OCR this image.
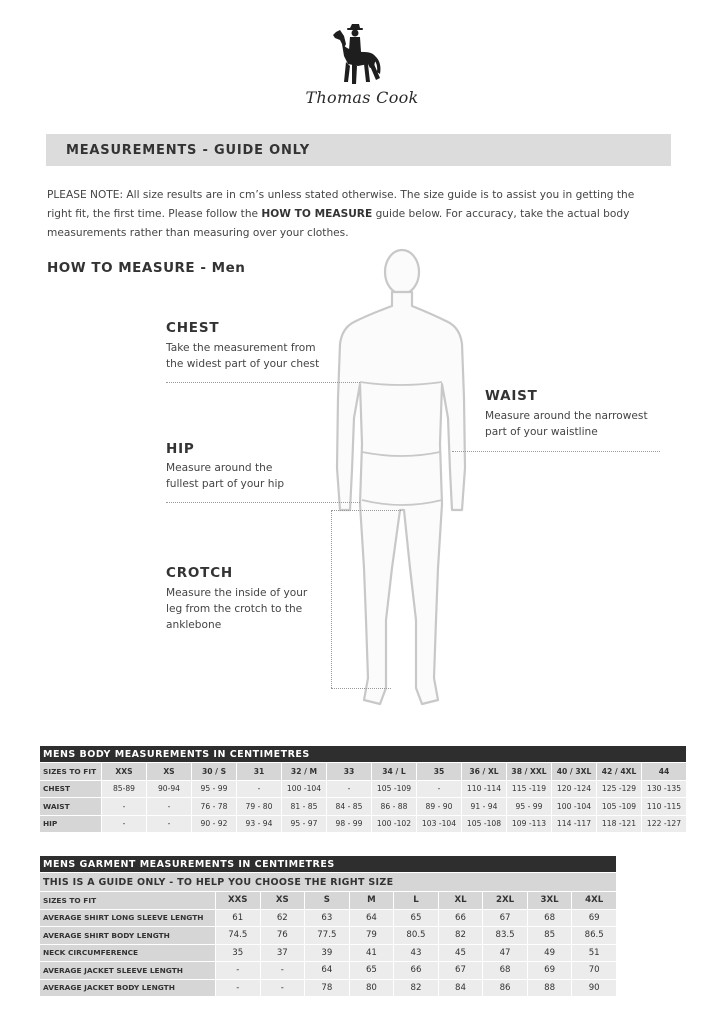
Thomas Cook
MEASUREMENTS - GUIDE ONLY
PLEASE NOTE: All size results are in cm’s unless stated otherwise. The size guide is to assist you in getting the right fit, the first time. Please follow the HOW TO MEASURE guide below. For accuracy, take the actual body measurements rather than measuring over your clothes.
HOW TO MEASURE - Men
CHEST
Take the measurement from
the widest part of your chest
WAIST
Measure around the narrowest
part of your waistline
HIP
Measure around the
fullest part of your hip
CROTCH
Measure the inside of your
leg from the crotch to the
anklebone
MENS BODY MEASUREMENTS IN CENTIMETRES													
SIZES TO FIT	XXS	XS	30 / S	31	32 / M	33	34 / L	35	36 / XL	38 / XXL	40 / 3XL	42 / 4XL	44
CHEST	85-89	90-94	95 - 99	-	100 -104	-	105 -109	-	110 -114	115 -119	120 -124	125 -129	130 -135
WAIST	-	-	76 - 78	79 - 80	81 - 85	84 - 85	86 - 88	89 - 90	91 - 94	95 - 99	100 -104	105 -109	110 -115
HIP	-	-	90 - 92	93 - 94	95 - 97	98 - 99	100 -102	103 -104	105 -108	109 -113	114 -117	118 -121	122 -127
MENS GARMENT MEASUREMENTS IN CENTIMETRES									
THIS IS A GUIDE ONLY - TO HELP YOU CHOOSE THE RIGHT SIZE									
SIZES TO FIT	XXS	XS	S	M	L	XL	2XL	3XL	4XL
AVERAGE SHIRT LONG SLEEVE LENGTH	61	62	63	64	65	66	67	68	69
AVERAGE SHIRT BODY LENGTH	74.5	76	77.5	79	80.5	82	83.5	85	86.5
NECK CIRCUMFERENCE	35	37	39	41	43	45	47	49	51
AVERAGE JACKET SLEEVE LENGTH	-	-	64	65	66	67	68	69	70
AVERAGE JACKET BODY LENGTH	-	-	78	80	82	84	86	88	90
